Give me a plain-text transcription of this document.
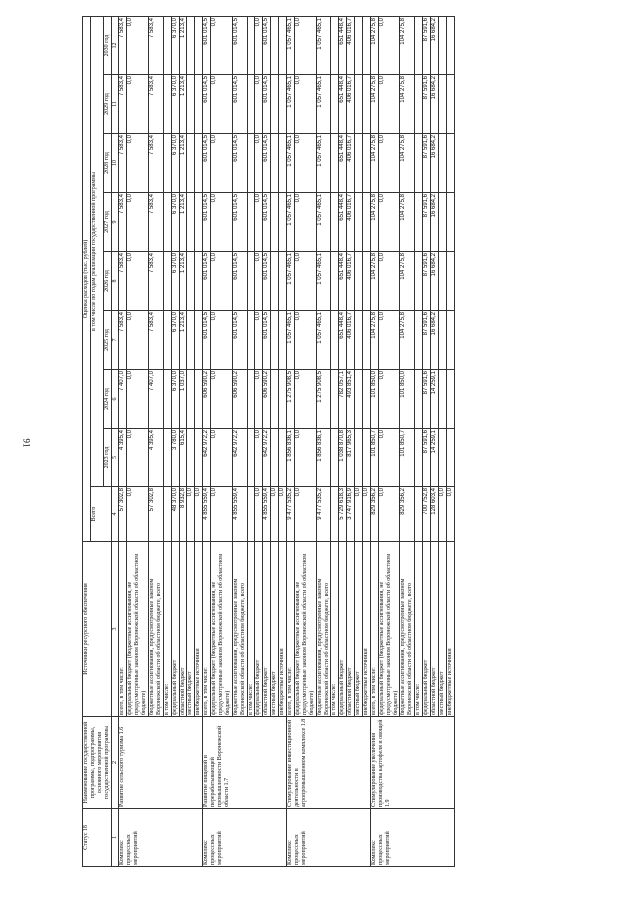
91
Статус 18	Наименование государственной программы, подпрограммы, основного мероприятия государственной программы	Источники ресурсного обеспечения	Оценка расходов (тыс. рублей)								
			Всего	в том числе по годам реализации государственной программы							
				2023 год	2024 год	2025 год	2026 год	2027 год	2028 год	2029 год	2030 год
1	2	3	4	5	6	7	8	9	10	11	12
Комплекс процессных мероприятий	Развитие сельского туризма 1.6	всего, в том числе:	57 302,8	4 395,4	7 407,0	7 583,4	7 583,4	7 583,4	7 583,4	7 583,4	7 583,4
		федеральный бюджет (бюджетные ассигнования, не предусмотренные законом Воронежской области об областном бюджете)	0,0	0,0	0,0	0,0	0,0	0,0	0,0	0,0	0,0
		бюджетные ассигнования, предусмотренные законом Воронежской области об областном бюджете, всего	57 302,8	4 395,4	7 407,0	7 583,4	7 583,4	7 583,4	7 583,4	7 583,4	7 583,4
		в том числе:									
		федеральный бюджет	48 370,0	3 780,0	6 370,0	6 370,0	6 370,0	6 370,0	6 370,0	6 370,0	6 370,0
		областной бюджет	8 932,8	615,4	1 037,0	1 213,4	1 213,4	1 213,4	1 213,4	1 213,4	1 213,4
		местный бюджет	0,0								
		внебюджетные источники	0,0								
Комплекс процессных мероприятий	Развитие пищевой и перерабатывающей промышленности Воронежской области 1.7	всего, в том числе:	4 855 559,4	642 972,2	606 590,2	601 014,5	601 014,5	601 014,5	601 014,5	601 014,5	601 014,5
		федеральный бюджет (бюджетные ассигнования, не предусмотренные законом Воронежской области об областном бюджете)	0,0	0,0	0,0	0,0	0,0	0,0	0,0	0,0	0,0
		бюджетные ассигнования, предусмотренные законом Воронежской области об областном бюджете, всего	4 855 559,4	642 972,2	606 590,2	601 014,5	601 014,5	601 014,5	601 014,5	601 014,5	601 014,5
		в том числе:									
		федеральный бюджет	0,0	0,0	0,0	0,0	0,0	0,0	0,0	0,0	0,0
		областной бюджет	4 855 559,4	642 972,2	606 590,2	601 014,5	601 014,5	601 014,5	601 014,5	601 014,5	601 014,5
		местный бюджет	0,0								
		внебюджетные источники	0,0								
Комплекс процессных мероприятий	Стимулирование инвестиционной деятельности в агропромышленном комплексе 1.8	всего, в том числе:	9 477 535,2	1 856 836,1	1 275 908,5	1 057 465,1	1 057 465,1	1 057 465,1	1 057 465,1	1 057 465,1	1 057 465,1
		федеральный бюджет (бюджетные ассигнования, не предусмотренные законом Воронежской области об областном бюджете)	0,0	0,0	0,0	0,0	0,0	0,0	0,0	0,0	0,0
		бюджетные ассигнования, предусмотренные законом Воронежской области об областном бюджете, всего	9 477 535,2	1 856 836,1	1 275 908,5	1 057 465,1	1 057 465,1	1 057 465,1	1 057 465,1	1 057 465,1	1 057 465,1
		в том числе:									
		федеральный бюджет	5 729 618,3	1 038 870,8	782 057,1	651 448,4	651 448,4	651 448,4	651 448,4	651 448,4	651 448,4
		областной бюджет	3 747 916,9	817 965,3	493 851,4	406 016,7	406 016,7	406 016,7	406 016,7	406 016,7	406 016,7
		местный бюджет	0,0								
		внебюджетные источники	0,0								
Комплекс процессных мероприятий	Стимулирование увеличения производства картофеля и овощей 1.9	всего, в том числе:	829 356,2	101 850,7	101 850,0	104 275,8	104 275,8	104 275,8	104 275,8	104 275,8	104 275,8
		федеральный бюджет (бюджетные ассигнования, не предусмотренные законом Воронежской области об областном бюджете)	0,0	0,0	0,0	0,0	0,0	0,0	0,0	0,0	0,0
		бюджетные ассигнования, предусмотренные законом Воронежской области об областном бюджете, всего	829 356,2	101 850,7	101 850,0	104 275,8	104 275,8	104 275,8	104 275,8	104 275,8	104 275,8
		в том числе:									
		федеральный бюджет	700 752,8	87 591,6	87 591,6	87 591,6	87 591,6	87 591,6	87 591,6	87 591,6	87 591,6
		областной бюджет	128 603,4	14 259,1	14 259,1	16 684,2	16 684,2	16 684,2	16 684,2	16 684,2	16 684,2
		местный бюджет	0,0								
		внебюджетные источники	0,0								
